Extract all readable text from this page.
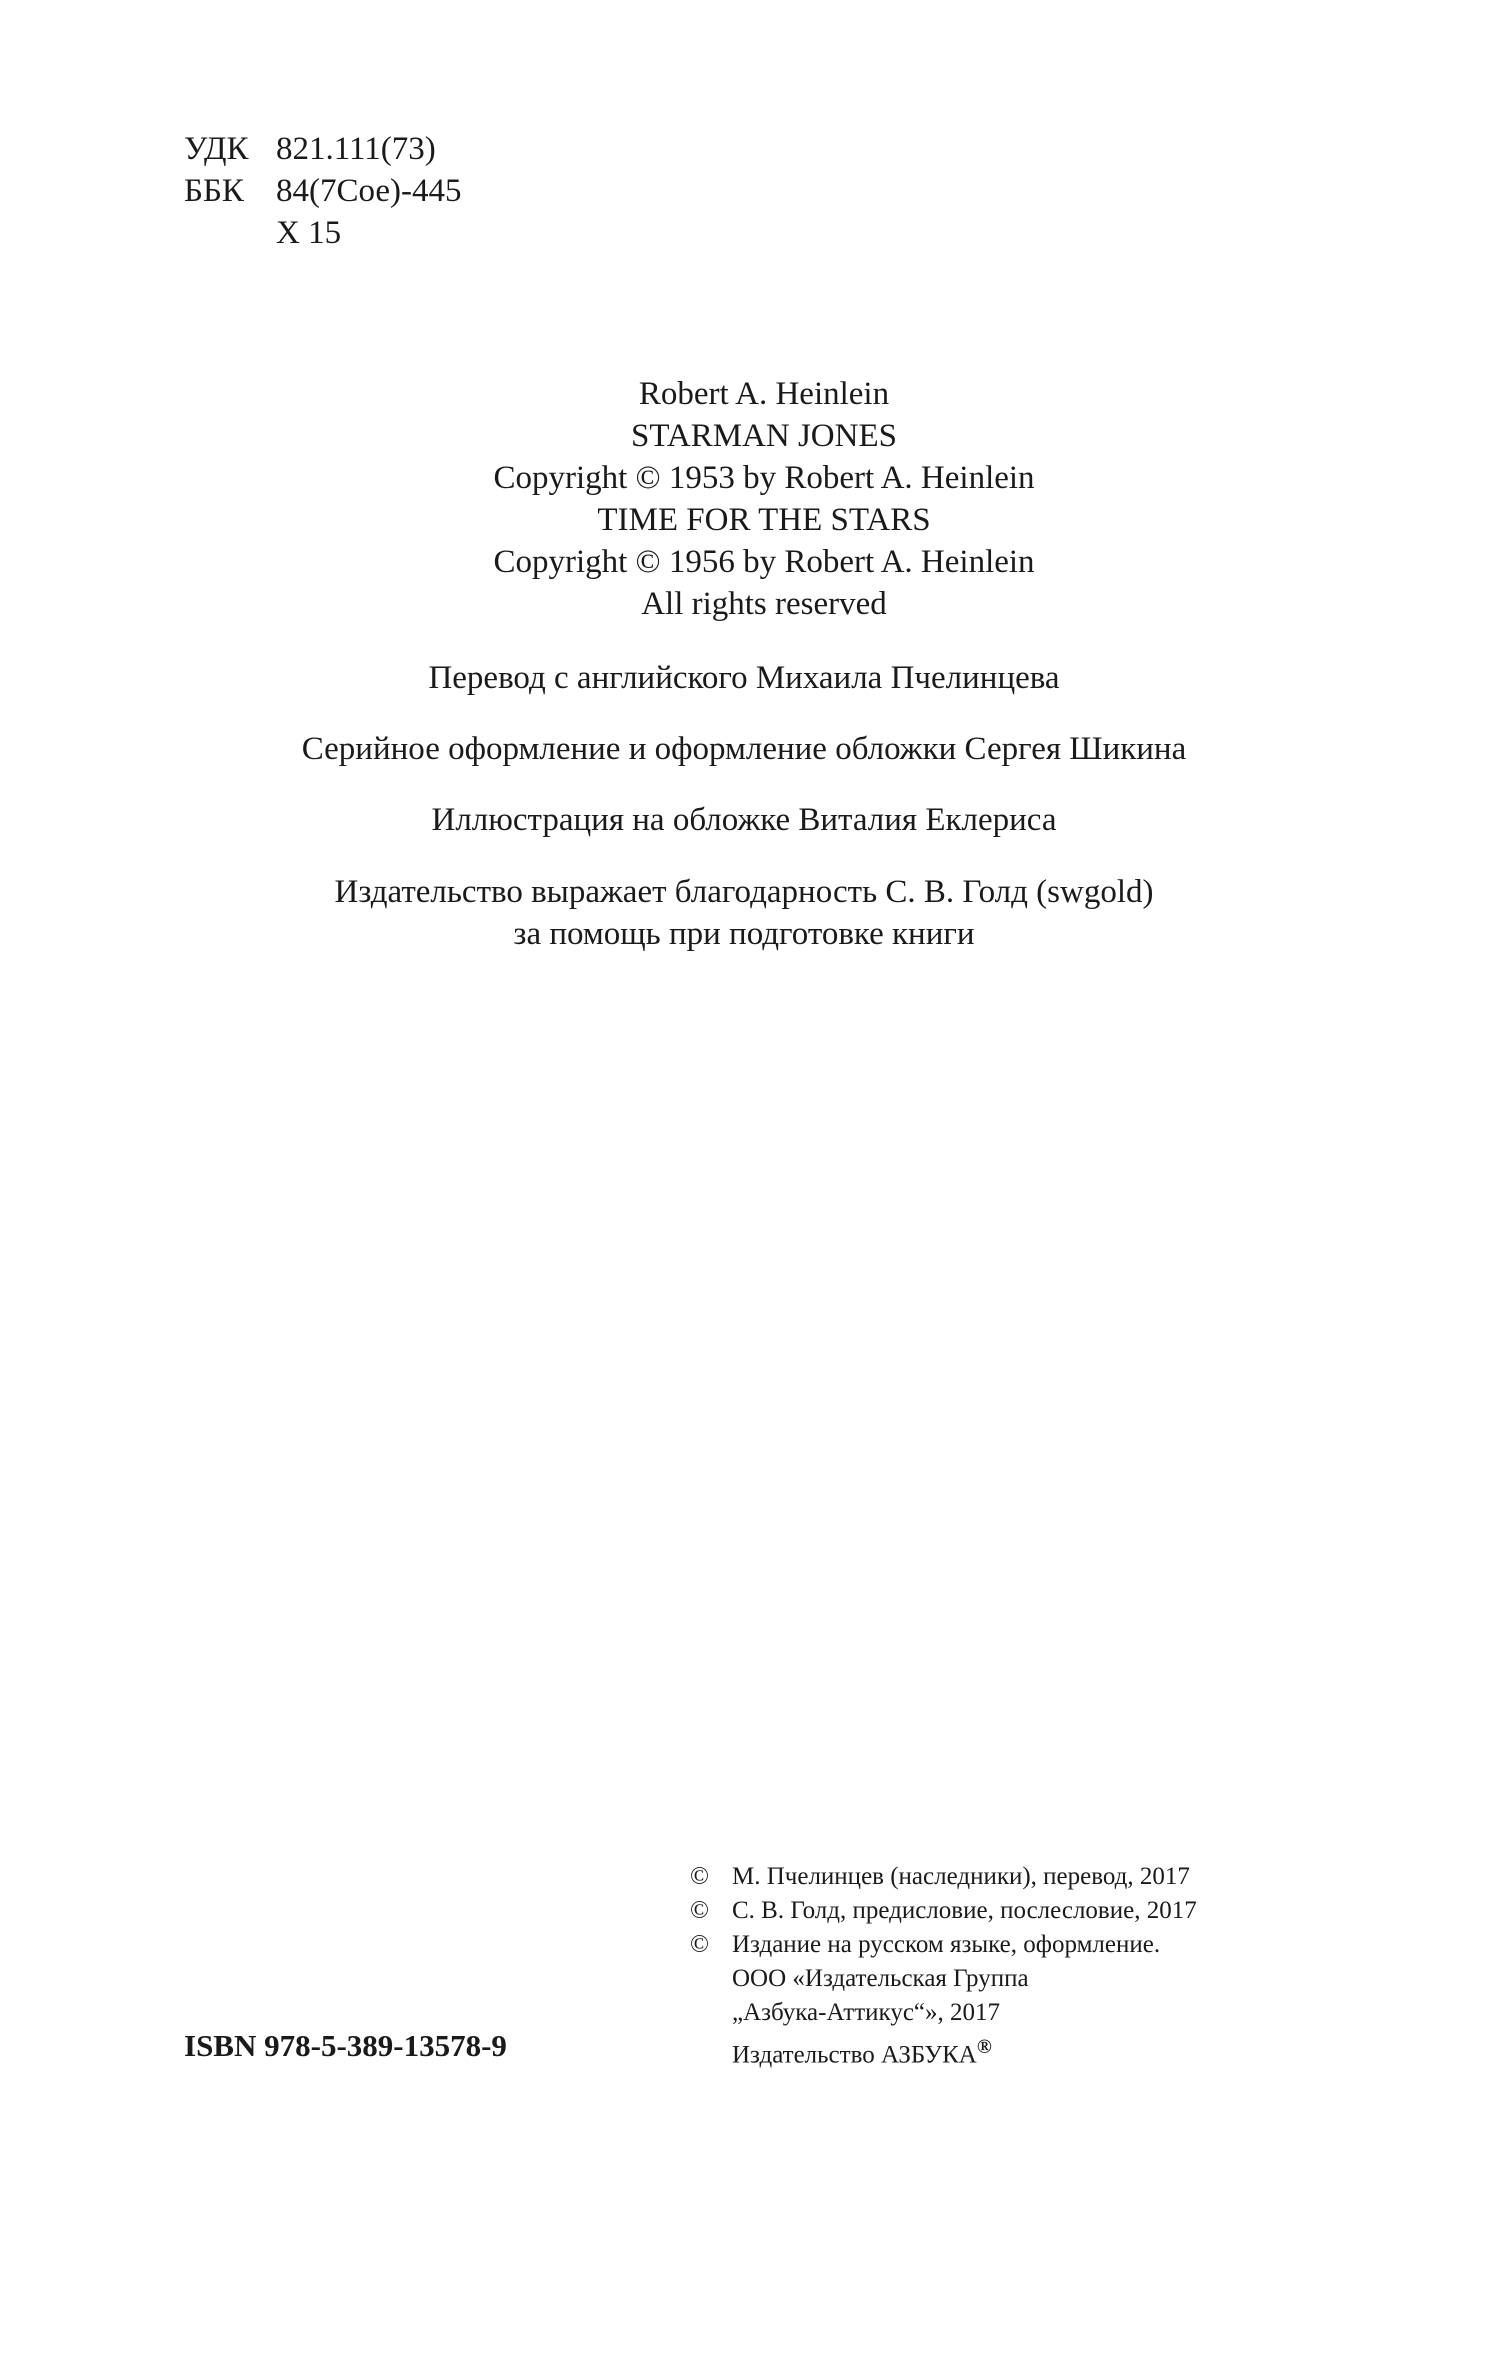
УДК 821.111(73)
ББК 84(7Сое)-445
Х 15
Robert A. Heinlein
STARMAN JONES
Copyright © 1953 by Robert A. Heinlein
TIME FOR THE STARS
Copyright © 1956 by Robert A. Heinlein
All rights reserved
Перевод с английского Михаила Пчелинцева
Серийное оформление и оформление обложки Сергея Шикина
Иллюстрация на обложке Виталия Еклериса
Издательство выражает благодарность С. В. Голд (swgold)
за помощь при подготовке книги
ISBN 978-5-389-13578-9
© М. Пчелинцев (наследники), перевод, 2017
© С. В. Голд, предисловие, послесловие, 2017
© Издание на русском языке, оформление.
ООО «Издательская Группа
„Азбука-Аттикус“», 2017
Издательство АЗБУКА®
